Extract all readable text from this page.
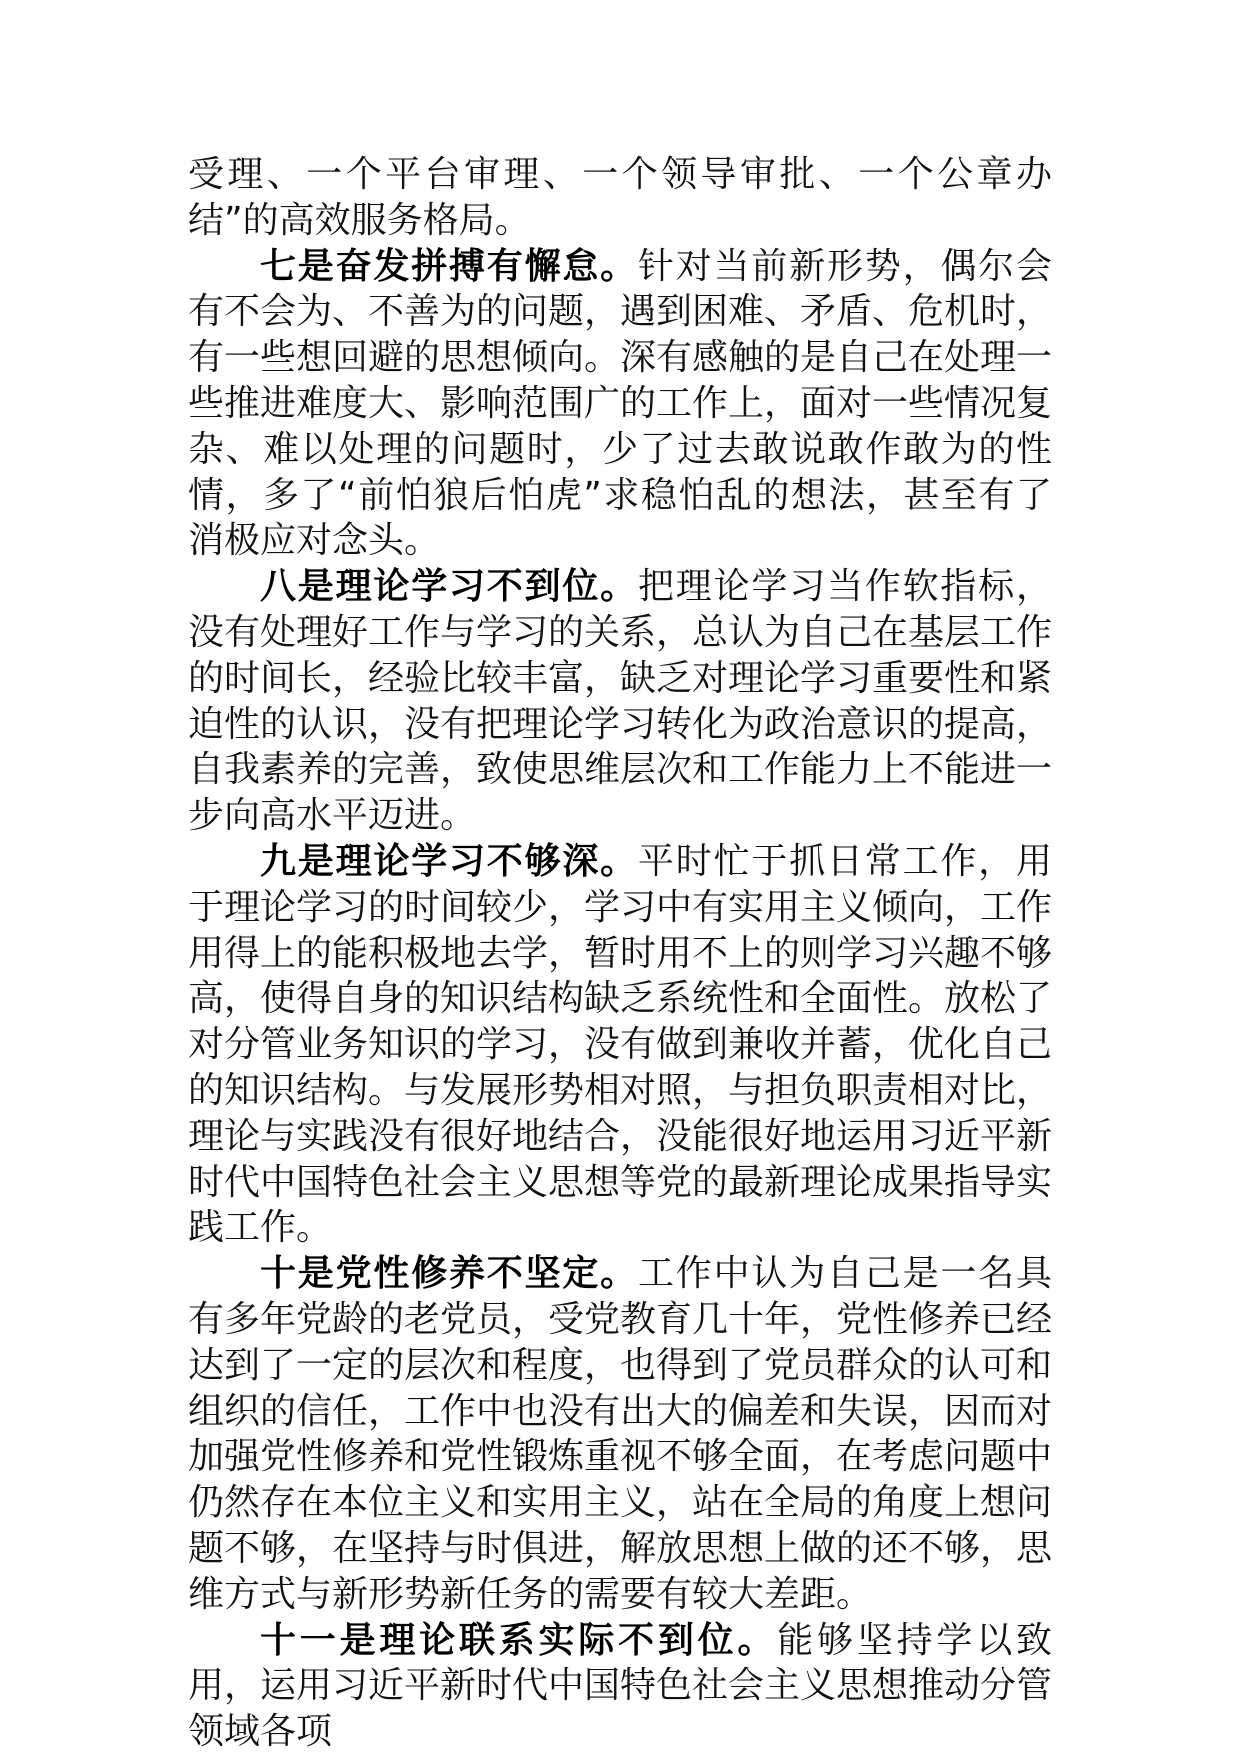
受理、一个平台审理、一个领导审批、一个公章办结”的高效服务格局。

七是奋发拼搏有懈怠。针对当前新形势，偶尔会有不会为、不善为的问题，遇到困难、矛盾、危机时，有一些想回避的思想倾向。深有感触的是自己在处理一些推进难度大、影响范围广的工作上，面对一些情况复杂、难以处理的问题时，少了过去敢说敢作敢为的性情，多了“前怕狼后怕虎”求稳怕乱的想法，甚至有了消极应对念头。

八是理论学习不到位。把理论学习当作软指标，没有处理好工作与学习的关系，总认为自己在基层工作的时间长，经验比较丰富，缺乏对理论学习重要性和紧迫性的认识，没有把理论学习转化为政治意识的提高，自我素养的完善，致使思维层次和工作能力上不能进一步向高水平迈进。

九是理论学习不够深。平时忙于抓日常工作，用于理论学习的时间较少，学习中有实用主义倾向，工作用得上的能积极地去学，暂时用不上的则学习兴趣不够高，使得自身的知识结构缺乏系统性和全面性。放松了对分管业务知识的学习，没有做到兼收并蓄，优化自己的知识结构。与发展形势相对照，与担负职责相对比，理论与实践没有很好地结合，没能很好地运用习近平新时代中国特色社会主义思想等党的最新理论成果指导实践工作。

十是党性修养不坚定。工作中认为自己是一名具有多年党龄的老党员，受党教育几十年，党性修养已经达到了一定的层次和程度，也得到了党员群众的认可和组织的信任，工作中也没有出大的偏差和失误，因而对加强党性修养和党性锻炼重视不够全面，在考虑问题中仍然存在本位主义和实用主义，站在全局的角度上想问题不够，在坚持与时俱进，解放思想上做的还不够，思维方式与新形势新任务的需要有较大差距。

十一是理论联系实际不到位。能够坚持学以致用，运用习近平新时代中国特色社会主义思想推动分管领域各项
